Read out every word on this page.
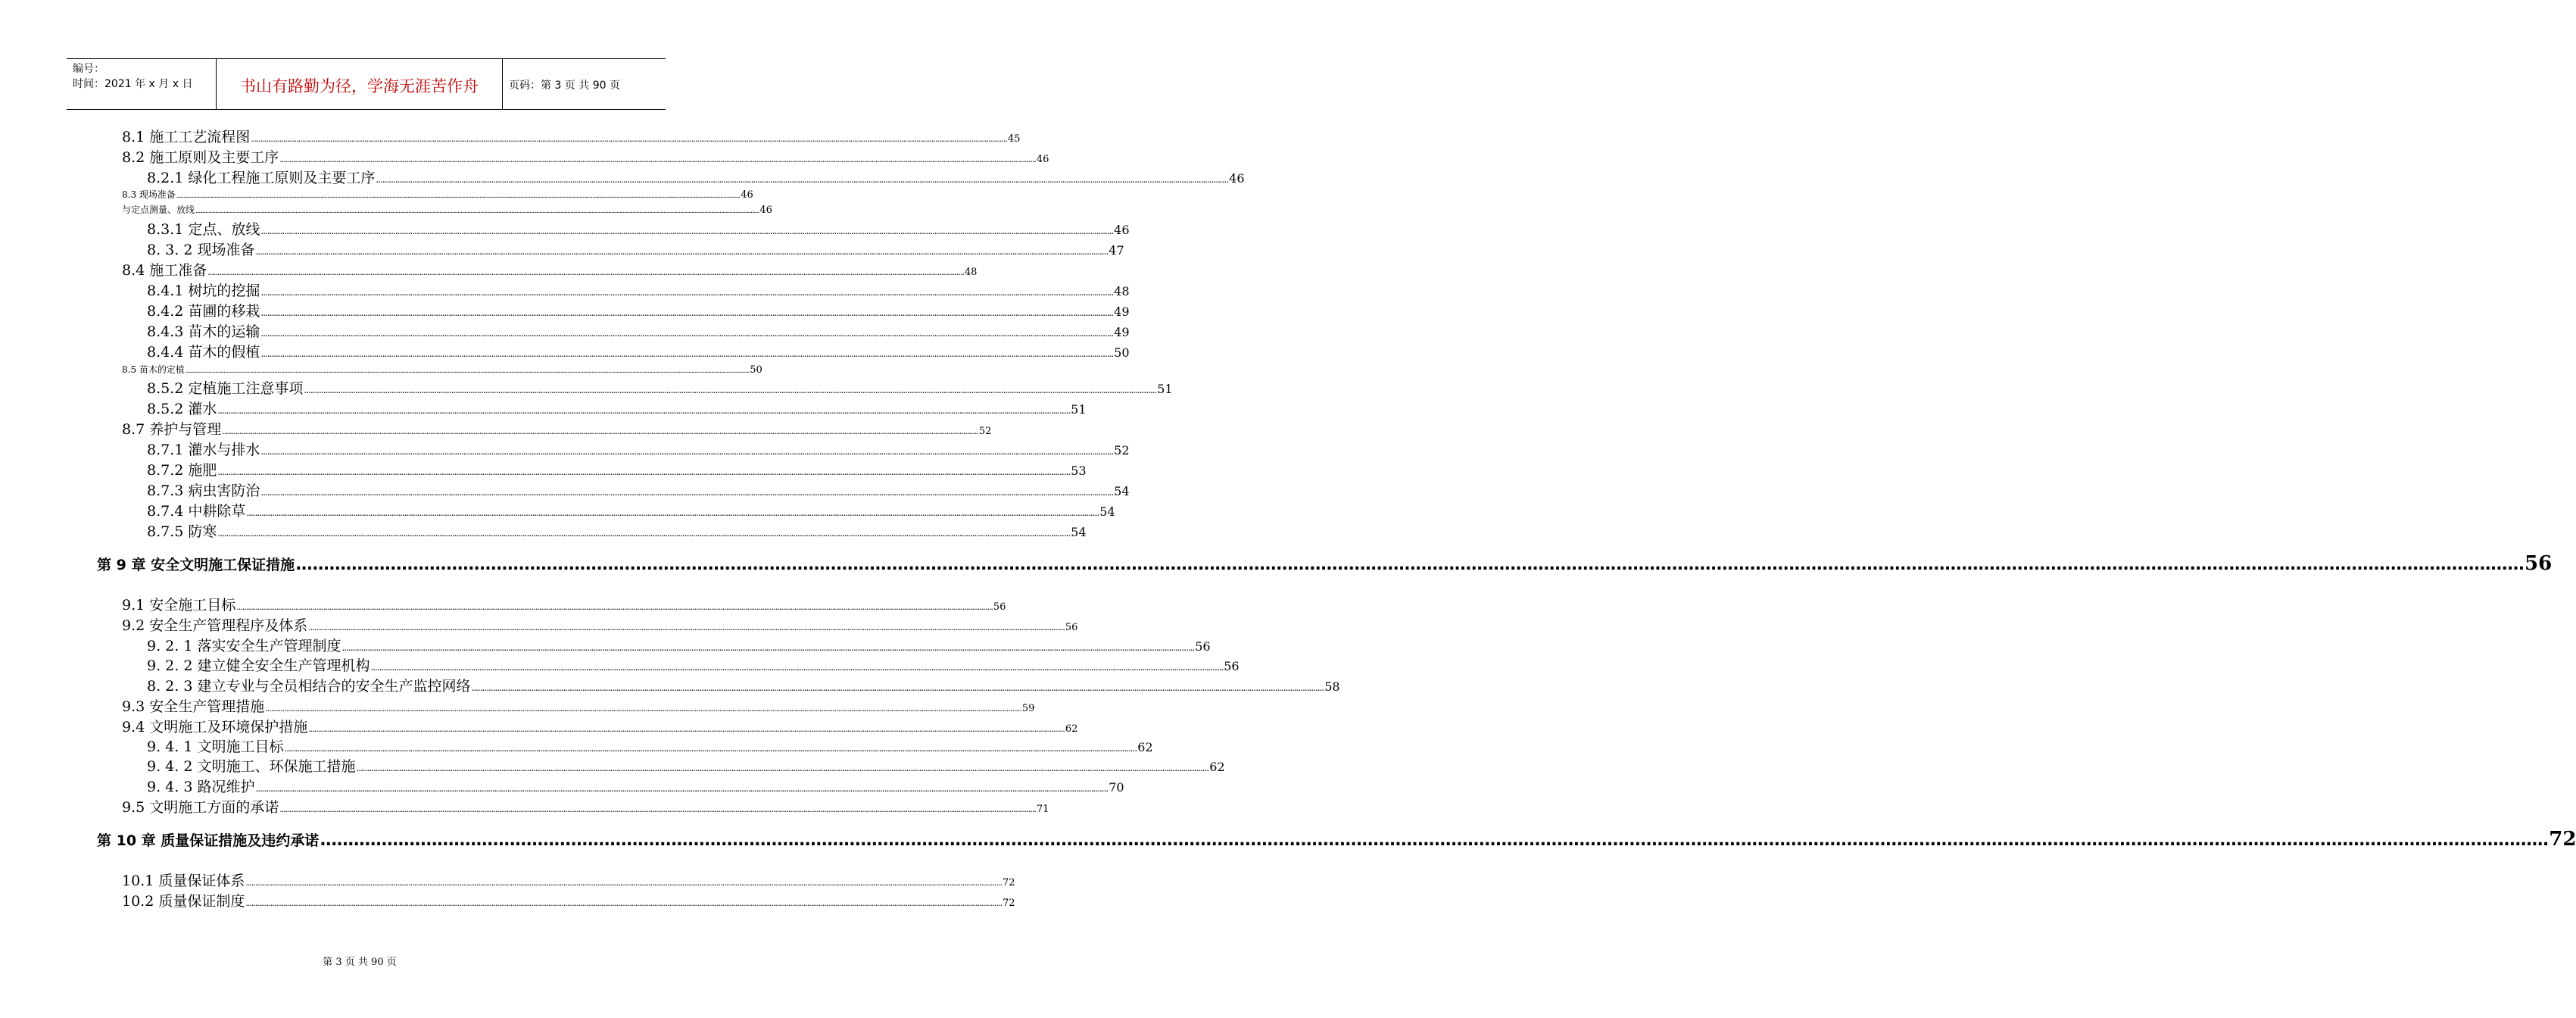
编号：
时间：2021 年 x 月 x 日	书山有路勤为径，学海无涯苦作舟	页码：第 3 页 共 90 页
8.1 施工工艺流程图 ................................................................................................................................................................................................................................................................................................................................................................................................................ 45
8.2 施工原则及主要工序 ................................................................................................................................................................................................................................................................................................................................................................................................................ 46
8.2.1 绿化工程施工原则及主要工序 ................................................................................................................................................................................................................................................................................................................................................................................................................ 46
8.3 现场准备 ................................................................................................................................................................................................................................................................................................................................................................................................................ 46
与定点测量、放线 ................................................................................................................................................................................................................................................................................................................................................................................................................ 46
8.3.1 定点、放线 ................................................................................................................................................................................................................................................................................................................................................................................................................ 46
8. 3. 2 现场准备 ................................................................................................................................................................................................................................................................................................................................................................................................................ 47
8.4 施工准备 ................................................................................................................................................................................................................................................................................................................................................................................................................ 48
8.4.1 树坑的挖掘 ................................................................................................................................................................................................................................................................................................................................................................................................................ 48
8.4.2 苗圃的移栽 ................................................................................................................................................................................................................................................................................................................................................................................................................ 49
8.4.3 苗木的运输 ................................................................................................................................................................................................................................................................................................................................................................................................................ 49
8.4.4 苗木的假植 ................................................................................................................................................................................................................................................................................................................................................................................................................ 50
8.5 苗木的定植 ................................................................................................................................................................................................................................................................................................................................................................................................................ 50
8.5.2 定植施工注意事项 ................................................................................................................................................................................................................................................................................................................................................................................................................ 51
8.5.2 灌水 ................................................................................................................................................................................................................................................................................................................................................................................................................ 51
8.7 养护与管理 ................................................................................................................................................................................................................................................................................................................................................................................................................ 52
8.7.1 灌水与排水 ................................................................................................................................................................................................................................................................................................................................................................................................................ 52
8.7.2 施肥 ................................................................................................................................................................................................................................................................................................................................................................................................................ 53
8.7.3 病虫害防治 ................................................................................................................................................................................................................................................................................................................................................................................................................ 54
8.7.4 中耕除草 ................................................................................................................................................................................................................................................................................................................................................................................................................ 54
8.7.5 防寒 ................................................................................................................................................................................................................................................................................................................................................................................................................ 54
第 9 章 安全文明施工保证措施 ................................................................................................................................................................................................................................................................................................................................................................................................................ 56
9.1 安全施工目标 ................................................................................................................................................................................................................................................................................................................................................................................................................ 56
9.2 安全生产管理程序及体系 ................................................................................................................................................................................................................................................................................................................................................................................................................ 56
9. 2. 1 落实安全生产管理制度 ................................................................................................................................................................................................................................................................................................................................................................................................................ 56
9. 2. 2 建立健全安全生产管理机构 ................................................................................................................................................................................................................................................................................................................................................................................................................ 56
8. 2. 3 建立专业与全员相结合的安全生产监控网络 ................................................................................................................................................................................................................................................................................................................................................................................................................ 58
9.3 安全生产管理措施 ................................................................................................................................................................................................................................................................................................................................................................................................................ 59
9.4 文明施工及环境保护措施 ................................................................................................................................................................................................................................................................................................................................................................................................................ 62
9. 4. 1 文明施工目标 ................................................................................................................................................................................................................................................................................................................................................................................................................ 62
9. 4. 2 文明施工、环保施工措施 ................................................................................................................................................................................................................................................................................................................................................................................................................ 62
9. 4. 3 路况维护 ................................................................................................................................................................................................................................................................................................................................................................................................................ 70
9.5 文明施工方面的承诺 ................................................................................................................................................................................................................................................................................................................................................................................................................ 71
第 10 章 质量保证措施及违约承诺 ................................................................................................................................................................................................................................................................................................................................................................................................................ 72
10.1 质量保证体系 ................................................................................................................................................................................................................................................................................................................................................................................................................ 72
10.2 质量保证制度 ................................................................................................................................................................................................................................................................................................................................................................................................................ 72
第 3 页 共 90 页
